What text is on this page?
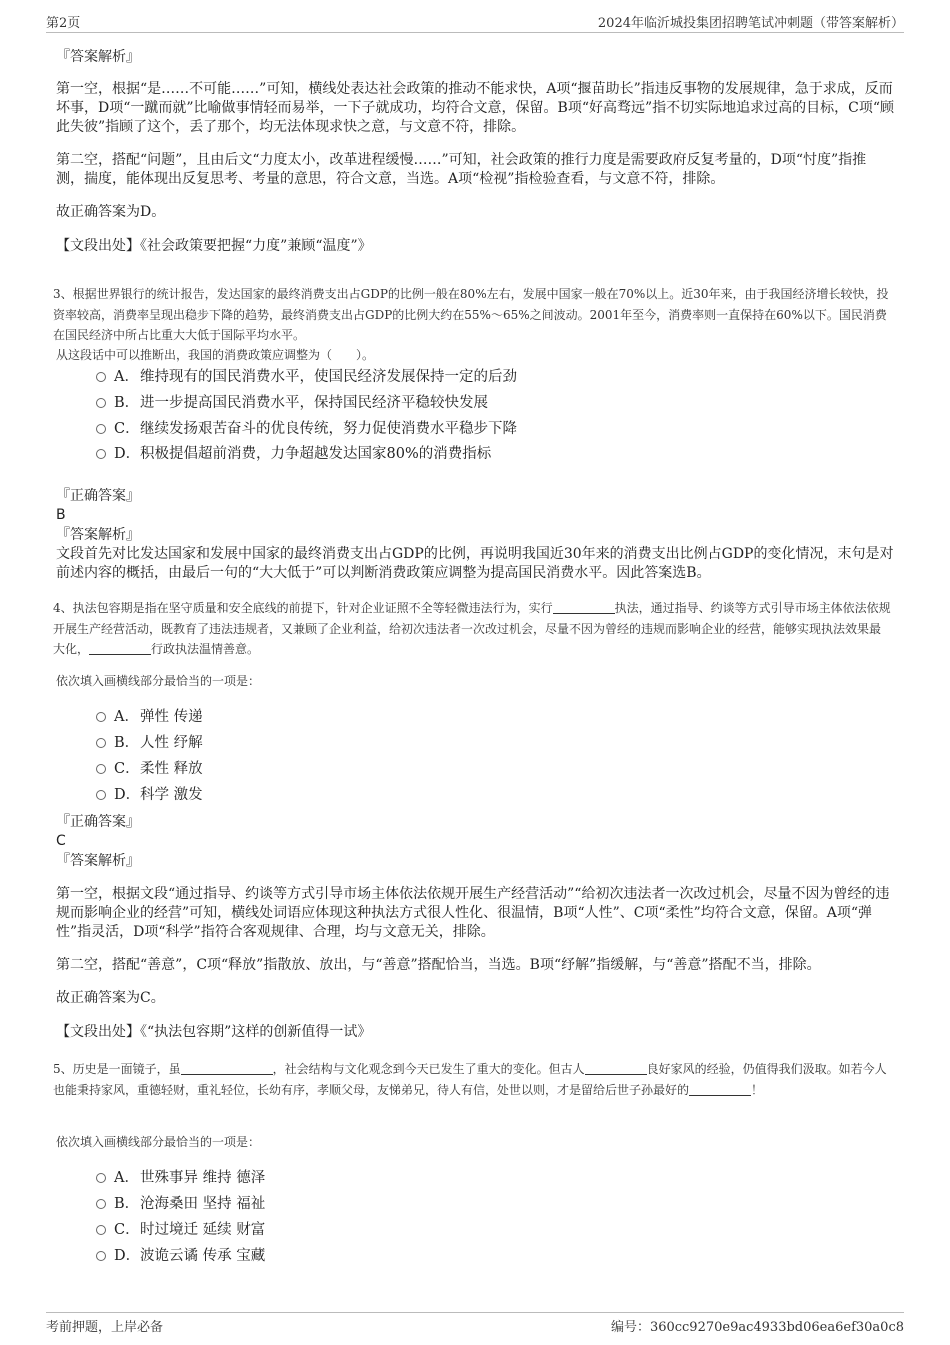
第2页	2024年临沂城投集团招聘笔试冲刺题（带答案解析）

『答案解析』

第一空，根据“是……不可能……”可知，横线处表达社会政策的推动不能求快，A项“揠苗助长”指违反事物的发展规律，急于求成，反而坏事，D项“一蹴而就”比喻做事情轻而易举，一下子就成功，均符合文意，保留。B项“好高骛远”指不切实际地追求过高的目标，C项“顾此失彼”指顾了这个，丢了那个，均无法体现求快之意，与文意不符，排除。

第二空，搭配“问题”，且由后文“力度太小，改革进程缓慢……”可知，社会政策的推行力度是需要政府反复考量的，D项“忖度”指推测，揣度，能体现出反复思考、考量的意思，符合文意，当选。A项“检视”指检验查看，与文意不符，排除。

故正确答案为D。

【文段出处】《社会政策要把握“力度”兼顾“温度”》

3、根据世界银行的统计报告，发达国家的最终消费支出占GDP的比例一般在80%左右，发展中国家一般在70%以上。近30年来，由于我国经济增长较快，投资率较高，消费率呈现出稳步下降的趋势，最终消费支出占GDP的比例大约在55%～65%之间波动。2001年至今，消费率则一直保持在60%以下。国民消费在国民经济中所占比重大大低于国际平均水平。

从这段话中可以推断出，我国的消费政策应调整为（　　）。

A．维持现有的国民消费水平，使国民经济发展保持一定的后劲
B．进一步提高国民消费水平，保持国民经济平稳较快发展
C．继续发扬艰苦奋斗的优良传统，努力促使消费水平稳步下降
D．积极提倡超前消费，力争超越发达国家80%的消费指标

『正确答案』

B

『答案解析』

文段首先对比发达国家和发展中国家的最终消费支出占GDP的比例，再说明我国近30年来的消费支出比例占GDP的变化情况，末句是对前述内容的概括，由最后一句的“大大低于”可以判断消费政策应调整为提高国民消费水平。因此答案选B。

4、执法包容期是指在坚守质量和安全底线的前提下，针对企业证照不全等轻微违法行为，实行	执法，通过指导、约谈等方式引导市场主体依法依规开展生产经营活动，既教育了违法违规者，又兼顾了企业利益，给初次违法者一次改过机会，尽量不因为曾经的违规而影响企业的经营，能够实现执法效果最大化，	行政执法温情善意。

依次填入画横线部分最恰当的一项是：

A．弹性 传递
B．人性 纾解
C．柔性 释放
D．科学 激发

『正确答案』

C

『答案解析』

第一空，根据文段“通过指导、约谈等方式引导市场主体依法依规开展生产经营活动”“给初次违法者一次改过机会，尽量不因为曾经的违规而影响企业的经营”可知，横线处词语应体现这种执法方式很人性化、很温情，B项“人性”、C项“柔性”均符合文意，保留。A项“弹性”指灵活，D项“科学”指符合客观规律、合理，均与文意无关，排除。

第二空，搭配“善意”，C项“释放”指散放、放出，与“善意”搭配恰当，当选。B项“纾解”指缓解，与“善意”搭配不当，排除。

故正确答案为C。

【文段出处】《“执法包容期”这样的创新值得一试》

5、历史是一面镜子，虽	，社会结构与文化观念到今天已发生了重大的变化。但古人	良好家风的经验，仍值得我们汲取。如若今人也能秉持家风，重德轻财，重礼轻位，长幼有序，孝顺父母，友悌弟兄，待人有信，处世以则，才是留给后世子孙最好的	！

依次填入画横线部分最恰当的一项是：

A．世殊事异 维持 德泽
B．沧海桑田 坚持 福祉
C．时过境迁 延续 财富
D．波诡云谲 传承 宝藏
考前押题，上岸必备	编号：360cc9270e9ac4933bd06ea6ef30a0c8
